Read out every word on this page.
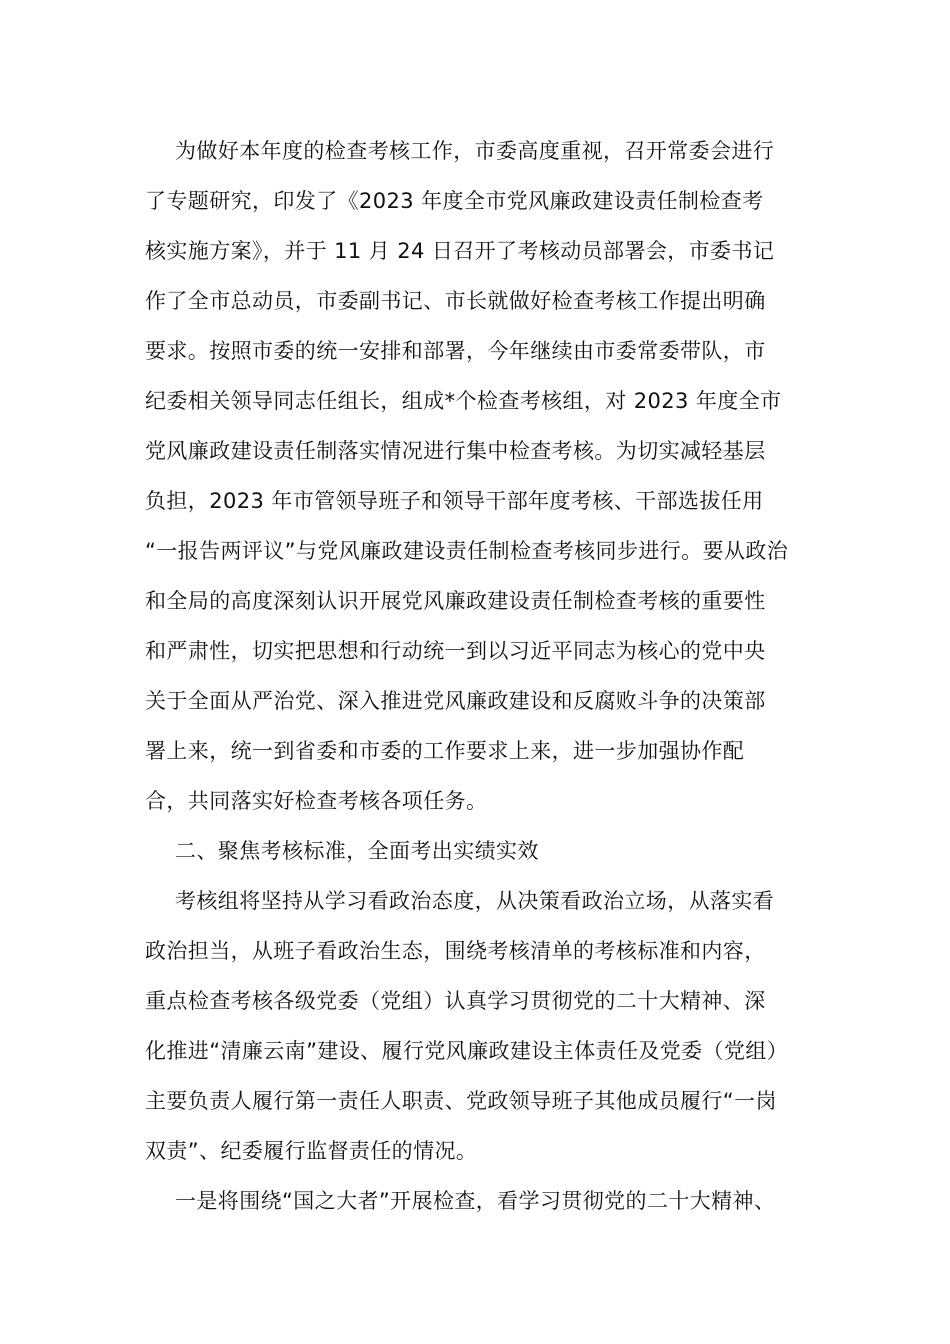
为做好本年度的检查考核工作，市委高度重视，召开常委会进行
了专题研究，印发了《2023 年度全市党风廉政建设责任制检查考
核实施方案》，并于 11 月 24 日召开了考核动员部署会，市委书记
作了全市总动员，市委副书记、市长就做好检查考核工作提出明确
要求。按照市委的统一安排和部署，今年继续由市委常委带队，市
纪委相关领导同志任组长，组成*个检查考核组，对 2023 年度全市
党风廉政建设责任制落实情况进行集中检查考核。为切实减轻基层
负担，2023 年市管领导班子和领导干部年度考核、干部选拔任用
“一报告两评议”与党风廉政建设责任制检查考核同步进行。要从政治
和全局的高度深刻认识开展党风廉政建设责任制检查考核的重要性
和严肃性，切实把思想和行动统一到以习近平同志为核心的党中央
关于全面从严治党、深入推进党风廉政建设和反腐败斗争的决策部
署上来，统一到省委和市委的工作要求上来，进一步加强协作配
合，共同落实好检查考核各项任务。

二、聚焦考核标准，全面考出实绩实效

考核组将坚持从学习看政治态度，从决策看政治立场，从落实看
政治担当，从班子看政治生态，围绕考核清单的考核标准和内容，
重点检查考核各级党委（党组）认真学习贯彻党的二十大精神、深
化推进“清廉云南”建设、履行党风廉政建设主体责任及党委（党组）
主要负责人履行第一责任人职责、党政领导班子其他成员履行“一岗
双责”、纪委履行监督责任的情况。

一是将围绕“国之大者”开展检查，看学习贯彻党的二十大精神、
